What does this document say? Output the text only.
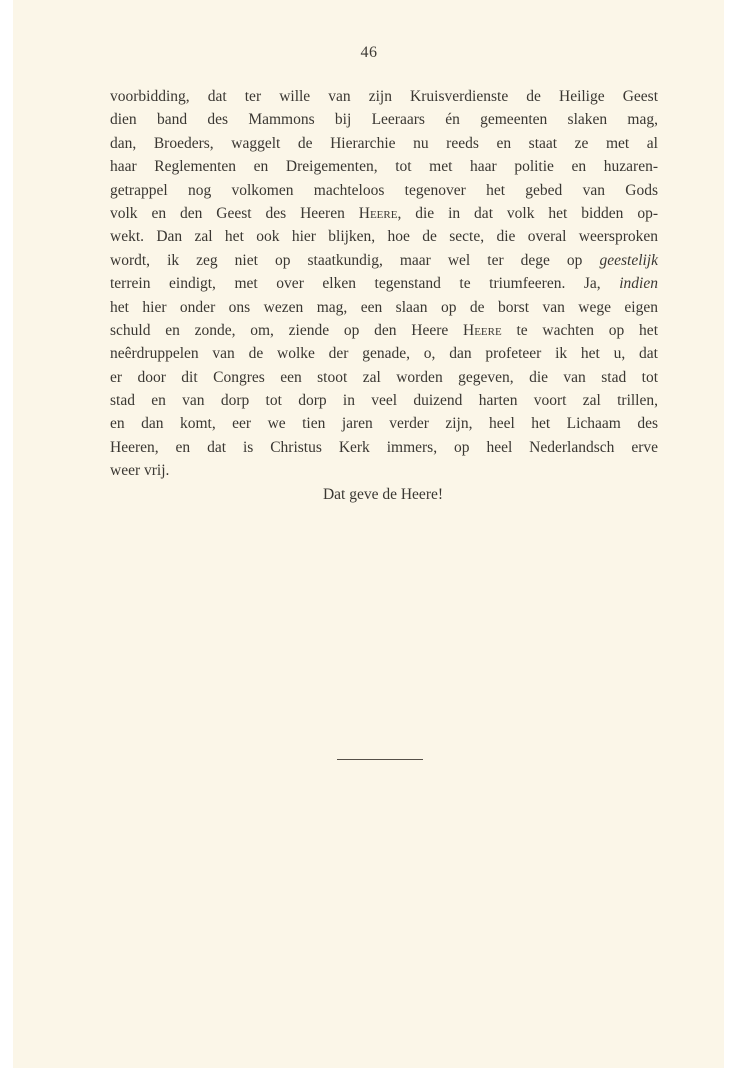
46
voorbidding, dat ter wille van zijn Kruisverdienste de Heilige Geest
dien band des Mammons bij Leeraars én gemeenten slaken mag,
dan, Broeders, waggelt de Hierarchie nu reeds en staat ze met al
haar Reglementen en Dreigementen, tot met haar politie en huzaren-
getrappel nog volkomen machteloos tegenover het gebed van Gods
volk en den Geest des Heeren Heere, die in dat volk het bidden op-
wekt. Dan zal het ook hier blijken, hoe de secte, die overal weersproken
wordt, ik zeg niet op staatkundig, maar wel ter dege op geestelijk
terrein eindigt, met over elken tegenstand te triumfeeren. Ja, indien
het hier onder ons wezen mag, een slaan op de borst van wege eigen
schuld en zonde, om, ziende op den Heere Heere te wachten op het
neêrdruppelen van de wolke der genade, o, dan profeteer ik het u, dat
er door dit Congres een stoot zal worden gegeven, die van stad tot
stad en van dorp tot dorp in veel duizend harten voort zal trillen,
en dan komt, eer we tien jaren verder zijn, heel het Lichaam des
Heeren, en dat is Christus Kerk immers, op heel Nederlandsch erve
weer vrij.
Dat geve de Heere!
